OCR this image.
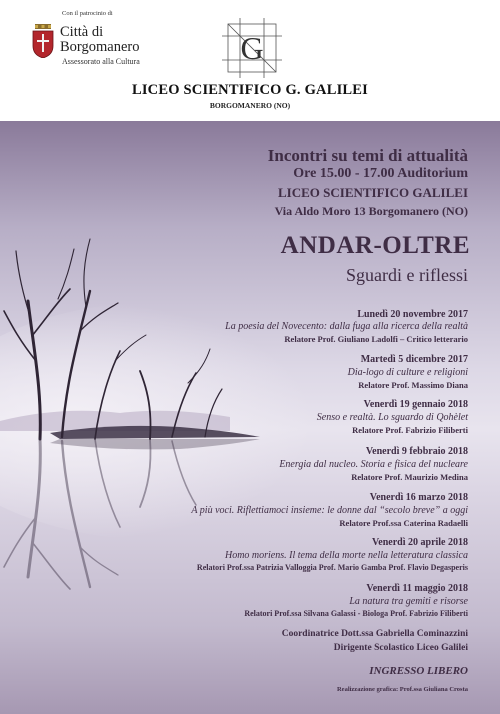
Con il patrocinio di
Città di
Borgomanero
Assessorato alla Cultura	G
LICEO SCIENTIFICO G. GALILEI
BORGOMANERO (NO)
Incontri su temi di attualità
Ore 15.00 - 17.00 Auditorium
LICEO SCIENTIFICO GALILEI
Via Aldo Moro 13 Borgomanero (NO)
ANDAR-OLTRE
Sguardi e riflessi
Lunedì 20 novembre 2017
La poesia del Novecento: dalla fuga alla ricerca della realtà
Relatore Prof. Giuliano Ladolfi – Critico letterario
Martedì 5 dicembre 2017
Dia-logo di culture e religioni
Relatore Prof. Massimo Diana
Venerdì 19 gennaio 2018
Senso e realtà. Lo sguardo di Qohèlet
Relatore Prof. Fabrizio Filiberti
Venerdì 9 febbraio 2018
Energia dal nucleo. Storia e fisica del nucleare
Relatore Prof. Maurizio Medina
Venerdì 16 marzo 2018
A più voci. Riflettiamoci insieme: le donne dal “secolo breve” a oggi
Relatore Prof.ssa Caterina Radaelli
Venerdì 20 aprile 2018
Homo moriens. Il tema della morte nella letteratura classica
Relatori Prof.ssa Patrizia Valloggia Prof. Mario Gamba Prof. Flavio Degasperis
Venerdì 11 maggio 2018
La natura tra gemiti e risorse
Relatori Prof.ssa Silvana Galassi - Biologa Prof. Fabrizio Filiberti
Coordinatrice Dott.ssa Gabriella Cominazzini
Dirigente Scolastico Liceo Galilei
INGRESSO LIBERO
Realizzazione grafica: Prof.ssa Giuliana Crosta
